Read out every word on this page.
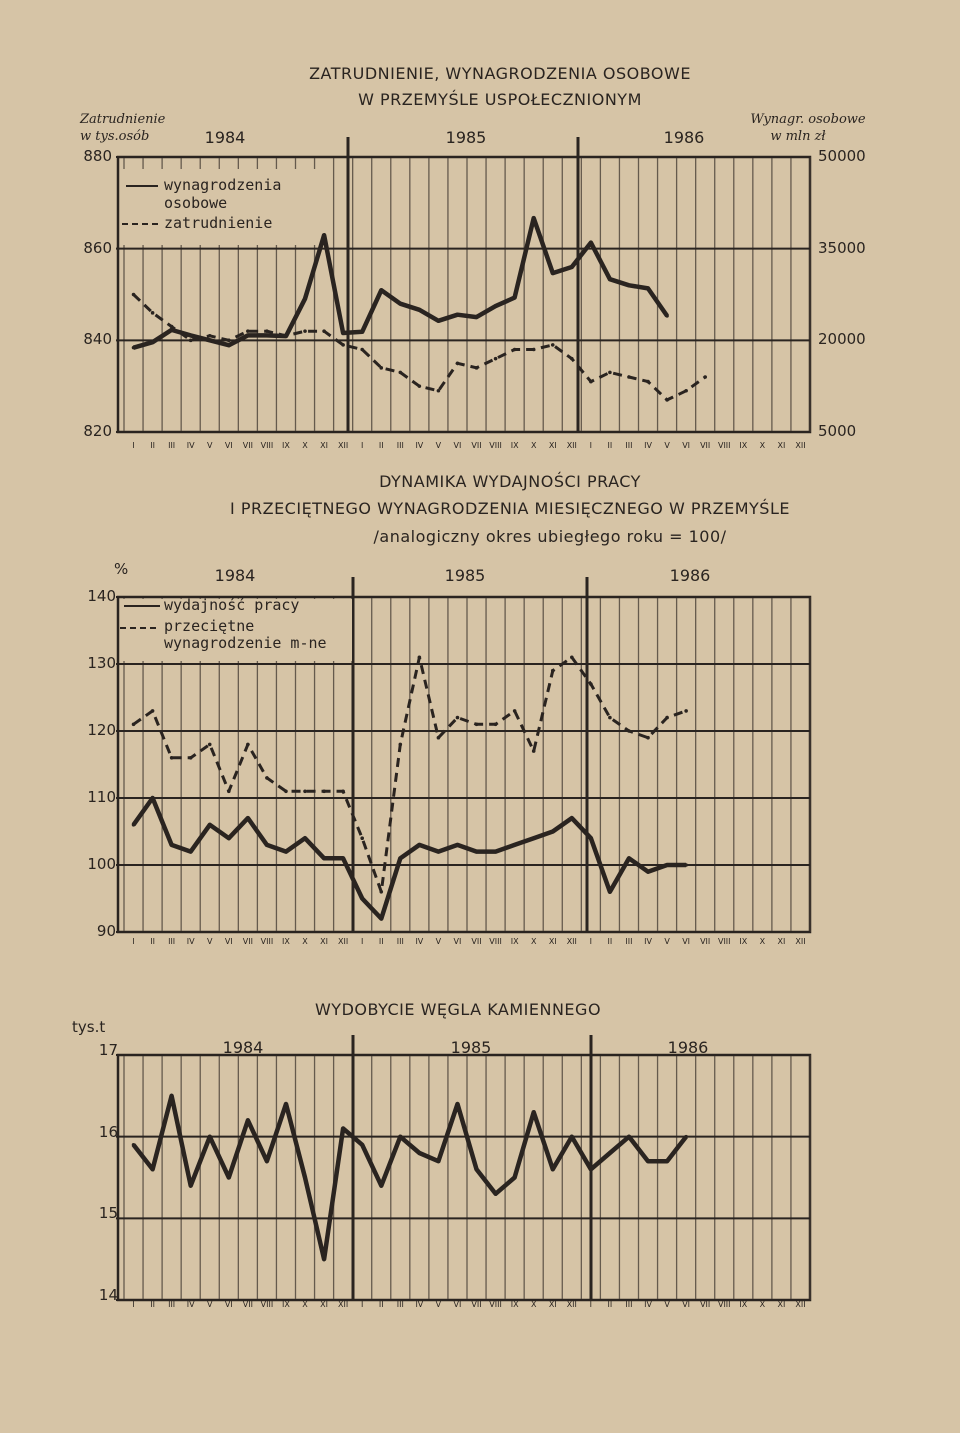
ZATRUDNIENIE, WYNAGRODZENIA OSOBOWE
W PRZEMYŚLE USPOŁECZNIONYM
Zatrudnienie
w tys.osób
Wynagr. osobowe
w mln zł
880
860
840
820
50000
35000
20000
5000
wynagrodzenia osobowe
zatrudnienie
I II III IV V VI VII VIII IX X XI XII I II III IV V VI VII VIII IX X XI XII I II III IV V VI VII VIII IX X XI XII
1984	1985	1986
DYNAMIKA WYDAJNOŚCI PRACY
I PRZECIĘTNEGO WYNAGRODZENIA MIESIĘCZNEGO W PRZEMYŚLE
/analogiczny okres ubiegłego roku = 100/
%
140
130
120
110
100
90
wydajność pracy
przeciętne wynagrodzenie m-ne
I II III IV V VI VII VIII IX X XI XII I II III IV V VI VII VIII IX X XI XII I II III IV V VI VII VIII IX X XI XII
1984	1985	1986
WYDOBYCIE WĘGLA KAMIENNEGO
tys.t
17
16
15
14
I II III IV V VI VII VIII IX X XI XII I II III IV V VI VII VIII IX X XI XII I II III IV V VI VII VIII IX X XI XII
1984	1985	1986
